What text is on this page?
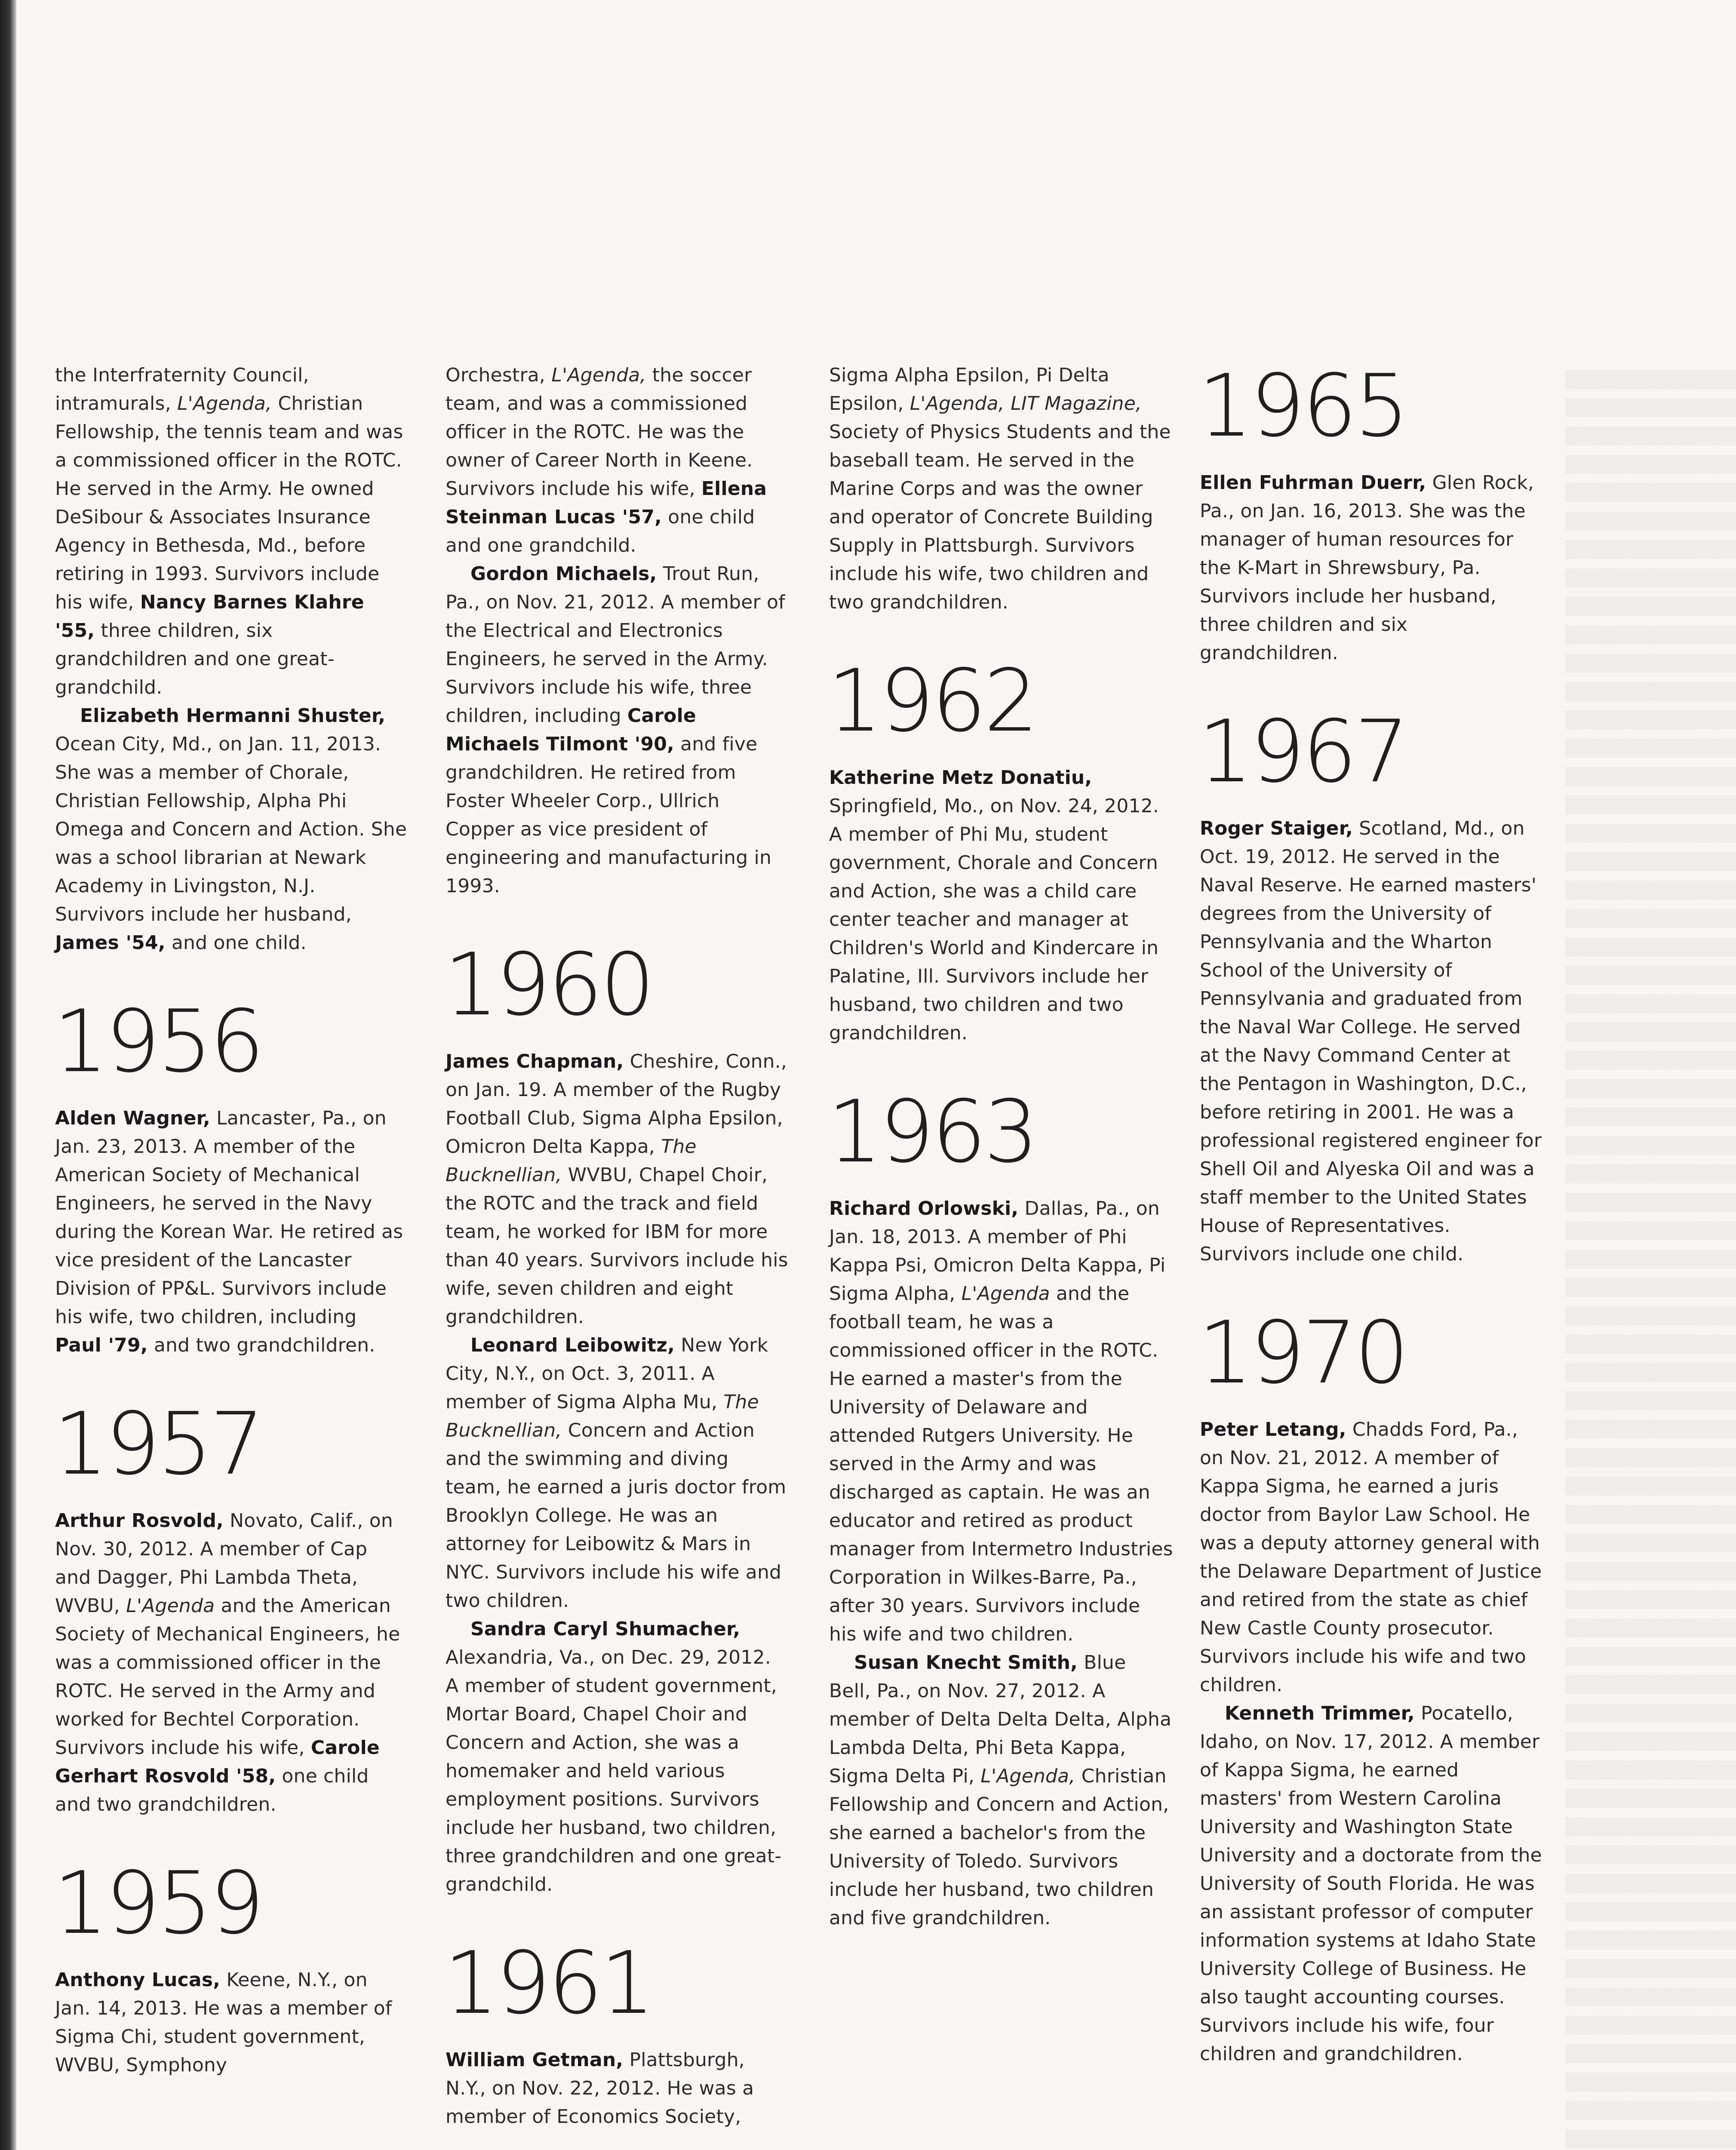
the Interfraternity Council, intramurals, L'Agenda, Christian Fellowship, the tennis team and was a commissioned officer in the ROTC. He served in the Army. He owned DeSibour & Associates Insurance Agency in Bethesda, Md., before retiring in 1993. Survivors include his wife, Nancy Barnes Klahre '55, three children, six grandchildren and one great-grandchild.

Elizabeth Hermanni Shuster, Ocean City, Md., on Jan. 11, 2013. She was a member of Chorale, Christian Fellowship, Alpha Phi Omega and Concern and Action. She was a school librarian at Newark Academy in Livingston, N.J. Survivors include her husband, James '54, and one child.

1956

Alden Wagner, Lancaster, Pa., on Jan. 23, 2013. A member of the American Society of Mechanical Engineers, he served in the Navy during the Korean War. He retired as vice president of the Lancaster Division of PP&L. Survivors include his wife, two children, including Paul '79, and two grandchildren.

1957

Arthur Rosvold, Novato, Calif., on Nov. 30, 2012. A member of Cap and Dagger, Phi Lambda Theta, WVBU, L'Agenda and the American Society of Mechanical Engineers, he was a commissioned officer in the ROTC. He served in the Army and worked for Bechtel Corporation. Survivors include his wife, Carole Gerhart Rosvold '58, one child and two grandchildren.

1959

Anthony Lucas, Keene, N.Y., on Jan. 14, 2013. He was a member of Sigma Chi, student government, WVBU, Symphony

Orchestra, L'Agenda, the soccer team, and was a commissioned officer in the ROTC. He was the owner of Career North in Keene. Survivors include his wife, Ellena Steinman Lucas '57, one child and one grandchild.

Gordon Michaels, Trout Run, Pa., on Nov. 21, 2012. A member of the Electrical and Electronics Engineers, he served in the Army. Survivors include his wife, three children, including Carole Michaels Tilmont '90, and five grandchildren. He retired from Foster Wheeler Corp., Ullrich Copper as vice president of engineering and manufacturing in 1993.

1960

James Chapman, Cheshire, Conn., on Jan. 19. A member of the Rugby Football Club, Sigma Alpha Epsilon, Omicron Delta Kappa, The Bucknellian, WVBU, Chapel Choir, the ROTC and the track and field team, he worked for IBM for more than 40 years. Survivors include his wife, seven children and eight grandchildren.

Leonard Leibowitz, New York City, N.Y., on Oct. 3, 2011. A member of Sigma Alpha Mu, The Bucknellian, Concern and Action and the swimming and diving team, he earned a juris doctor from Brooklyn College. He was an attorney for Leibowitz & Mars in NYC. Survivors include his wife and two children.

Sandra Caryl Shumacher, Alexandria, Va., on Dec. 29, 2012. A member of student government, Mortar Board, Chapel Choir and Concern and Action, she was a homemaker and held various employment positions. Survivors include her husband, two children, three grandchildren and one great-grandchild.

1961

William Getman, Plattsburgh, N.Y., on Nov. 22, 2012. He was a member of Economics Society,

Sigma Alpha Epsilon, Pi Delta Epsilon, L'Agenda, LIT Magazine, Society of Physics Students and the baseball team. He served in the Marine Corps and was the owner and operator of Concrete Building Supply in Plattsburgh. Survivors include his wife, two children and two grandchildren.

1962

Katherine Metz Donatiu, Springfield, Mo., on Nov. 24, 2012. A member of Phi Mu, student government, Chorale and Concern and Action, she was a child care center teacher and manager at Children's World and Kindercare in Palatine, Ill. Survivors include her husband, two children and two grandchildren.

1963

Richard Orlowski, Dallas, Pa., on Jan. 18, 2013. A member of Phi Kappa Psi, Omicron Delta Kappa, Pi Sigma Alpha, L'Agenda and the football team, he was a commissioned officer in the ROTC. He earned a master's from the University of Delaware and attended Rutgers University. He served in the Army and was discharged as captain. He was an educator and retired as product manager from Intermetro Industries Corporation in Wilkes-Barre, Pa., after 30 years. Survivors include his wife and two children.

Susan Knecht Smith, Blue Bell, Pa., on Nov. 27, 2012. A member of Delta Delta Delta, Alpha Lambda Delta, Phi Beta Kappa, Sigma Delta Pi, L'Agenda, Christian Fellowship and Concern and Action, she earned a bachelor's from the University of Toledo. Survivors include her husband, two children and five grandchildren.

1965

Ellen Fuhrman Duerr, Glen Rock, Pa., on Jan. 16, 2013. She was the manager of human resources for the K-Mart in Shrewsbury, Pa. Survivors include her husband, three children and six grandchildren.

1967

Roger Staiger, Scotland, Md., on Oct. 19, 2012. He served in the Naval Reserve. He earned masters' degrees from the University of Pennsylvania and the Wharton School of the University of Pennsylvania and graduated from the Naval War College. He served at the Navy Command Center at the Pentagon in Washington, D.C., before retiring in 2001. He was a professional registered engineer for Shell Oil and Alyeska Oil and was a staff member to the United States House of Representatives. Survivors include one child.

1970

Peter Letang, Chadds Ford, Pa., on Nov. 21, 2012. A member of Kappa Sigma, he earned a juris doctor from Baylor Law School. He was a deputy attorney general with the Delaware Department of Justice and retired from the state as chief New Castle County prosecutor. Survivors include his wife and two children.

Kenneth Trimmer, Pocatello, Idaho, on Nov. 17, 2012. A member of Kappa Sigma, he earned masters' from Western Carolina University and Washington State University and a doctorate from the University of South Florida. He was an assistant professor of computer information systems at Idaho State University College of Business. He also taught accounting courses. Survivors include his wife, four children and grandchildren.
